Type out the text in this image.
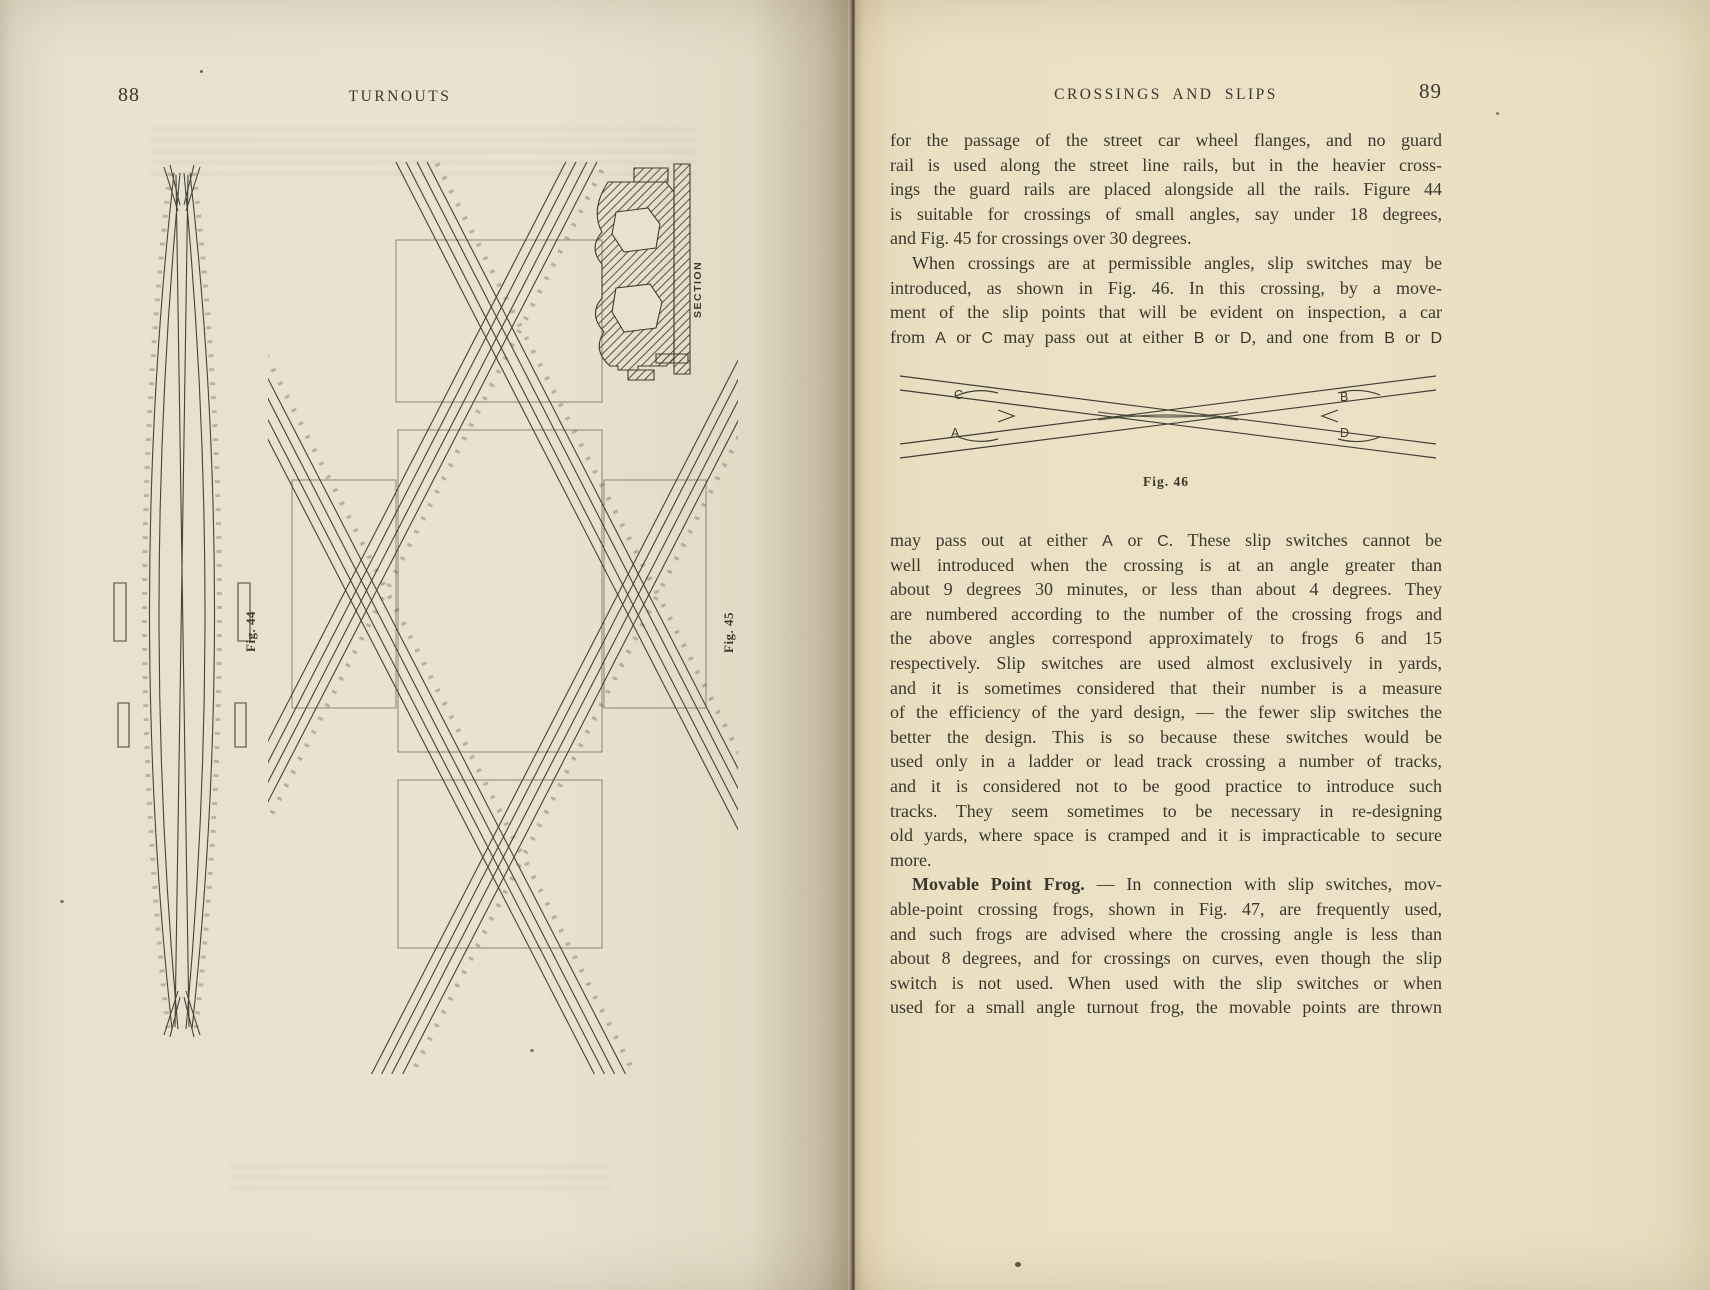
88	TURNOUTS
Fig. 44	Fig. 45
SECTION
CROSSINGS AND SLIPS	89
for the passage of the street car wheel flanges, and no guard
rail is used along the street line rails, but in the heavier cross-
ings the guard rails are placed alongside all the rails. Figure 44
is suitable for crossings of small angles, say under 18 degrees,
and Fig. 45 for crossings over 30 degrees.
When crossings are at permissible angles, slip switches may be
introduced, as shown in Fig. 46. In this crossing, by a move-
ment of the slip points that will be evident on inspection, a car
from A or C may pass out at either B or D, and one from B or D
C	B
A	D
Fig. 46
may pass out at either A or C. These slip switches cannot be
well introduced when the crossing is at an angle greater than
about 9 degrees 30 minutes, or less than about 4 degrees. They
are numbered according to the number of the crossing frogs and
the above angles correspond approximately to frogs 6 and 15
respectively. Slip switches are used almost exclusively in yards,
and it is sometimes considered that their number is a measure
of the efficiency of the yard design, — the fewer slip switches the
better the design. This is so because these switches would be
used only in a ladder or lead track crossing a number of tracks,
and it is considered not to be good practice to introduce such
tracks. They seem sometimes to be necessary in re-designing
old yards, where space is cramped and it is impracticable to secure
more.
Movable Point Frog. — In connection with slip switches, mov-
able-point crossing frogs, shown in Fig. 47, are frequently used,
and such frogs are advised where the crossing angle is less than
about 8 degrees, and for crossings on curves, even though the slip
switch is not used. When used with the slip switches or when
used for a small angle turnout frog, the movable points are thrown
